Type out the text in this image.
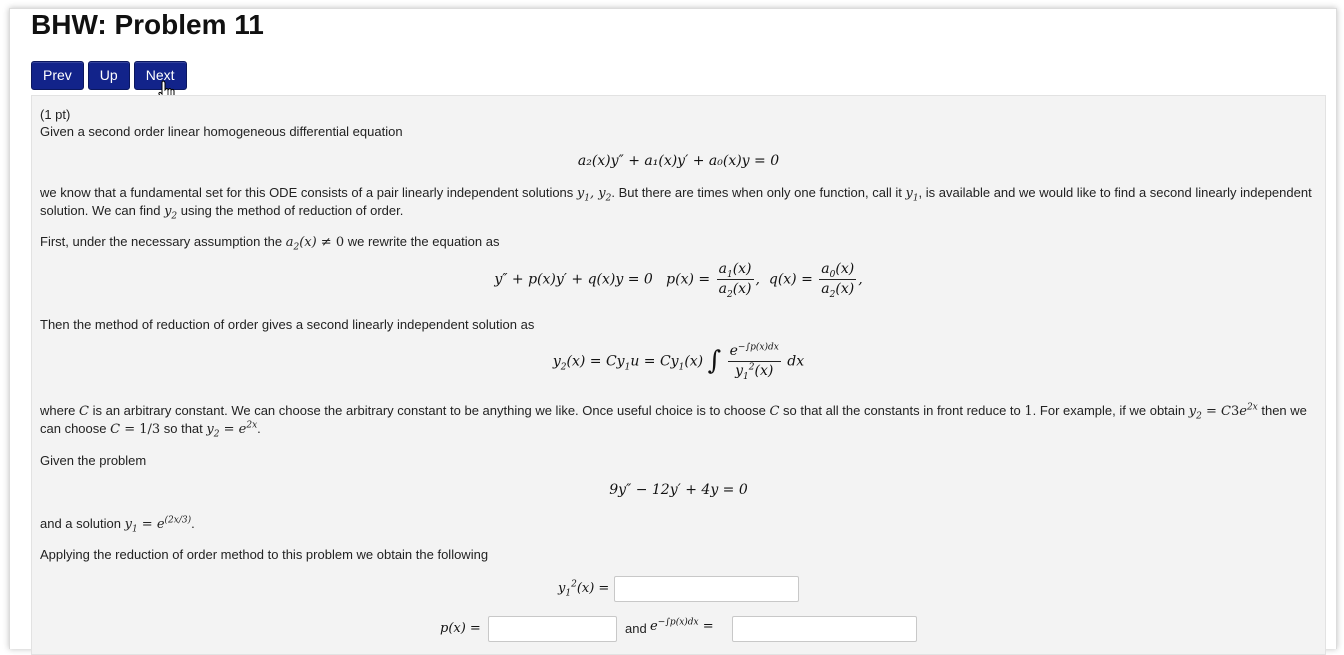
BHW: Problem 11
Prev	Up	Next

(1 pt)

Given a second order linear homogeneous differential equation

a₂(x)y″ + a₁(x)y′ + a₀(x)y = 0

we know that a fundamental set for this ODE consists of a pair linearly independent solutions $y_1$, $y_2$. But there are times when only one function, call it $y_1$, is available and we would like to find a second linearly independent
solution. We can find $y_2$ using the method of reduction of order.

First, under the necessary assumption the $a_2(x) \ne 0$ we rewrite the equation as

y″ + p(x)y′ + q(x)y = 0   $p(x) = \frac{a_1(x)}{a_2(x)}$ ,  $q(x) = \frac{a_0(x)}{a_2(x)}$ ,

Then the method of reduction of order gives a second linearly independent solution as

$y_2(x) = Cy_1u = Cy_1(x)$ ∫ $\frac{e^{-\int p(x)dx}}{y_1^2(x)}$ dx

where C is an arbitrary constant. We can choose the arbitrary constant to be anything we like. Once useful choice is to choose C so that all the constants in front reduce to 1. For example, if we obtain $y_2 = C3e^{2x}$ then we
can choose C = 1/3 so that $y_2 = e^{2x}$.

Given the problem

9y″ − 12y′ + 4y = 0

and a solution $y_1 = e^{(2x/3)}$.

Applying the reduction of order method to this problem we obtain the following

$y_1^2(x)$ =
p(x) =	and $e^{-\int p(x)dx}$ =
